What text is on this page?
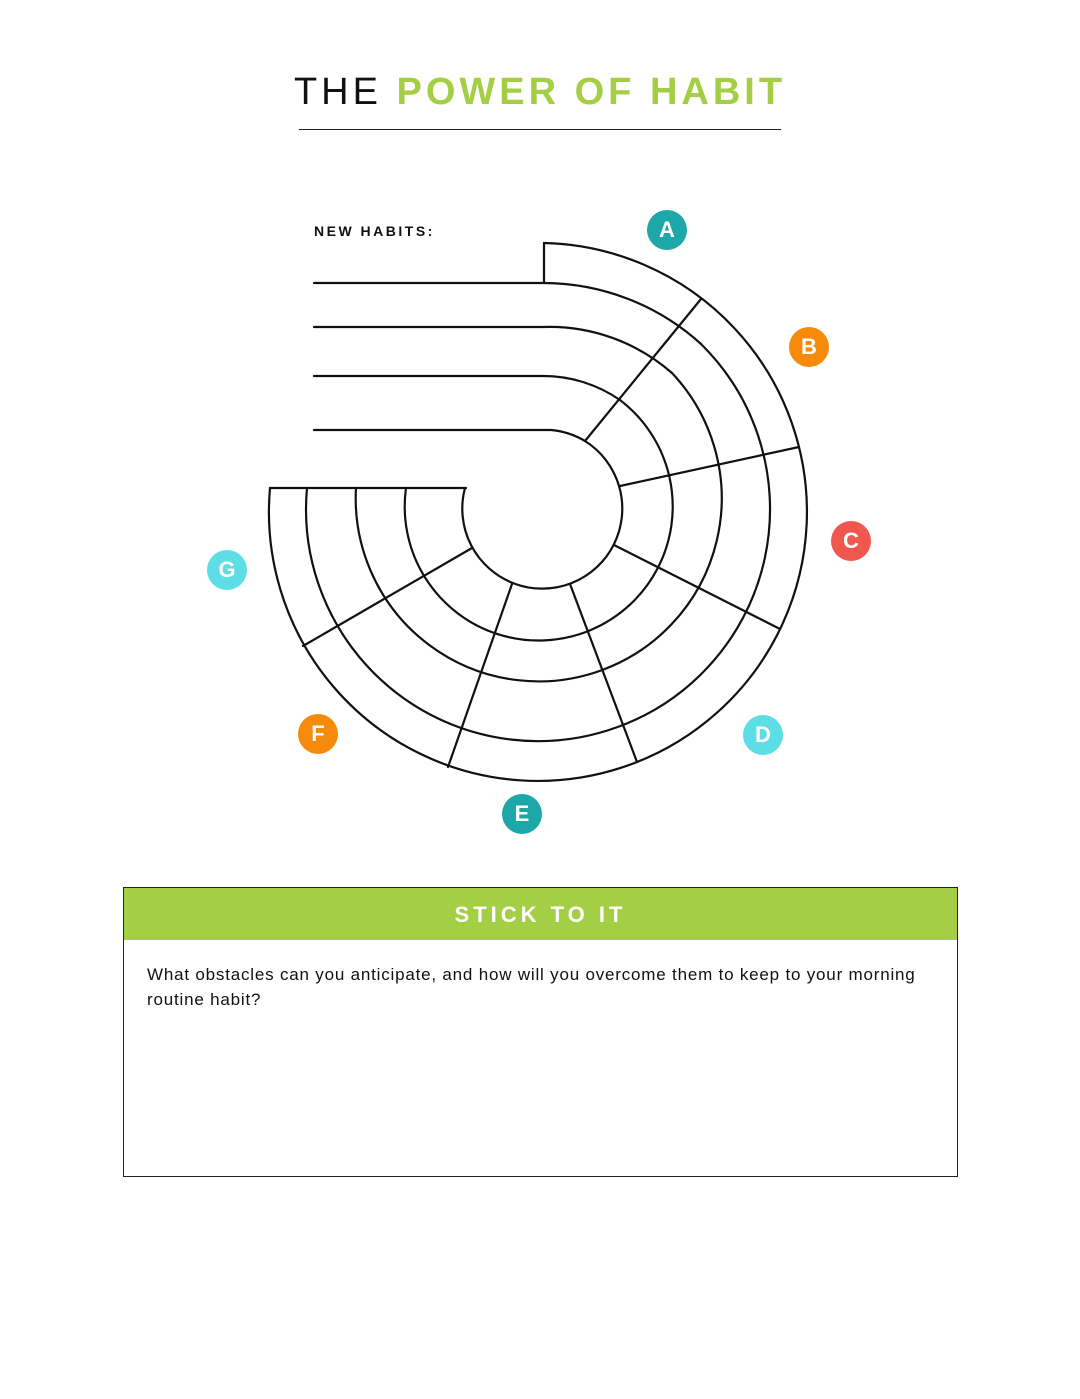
THE POWER OF HABIT
NEW HABITS:	A
B
C
D
E
F
G
STICK TO IT
What obstacles can you anticipate, and how will you overcome them to keep to your morning routine habit?
